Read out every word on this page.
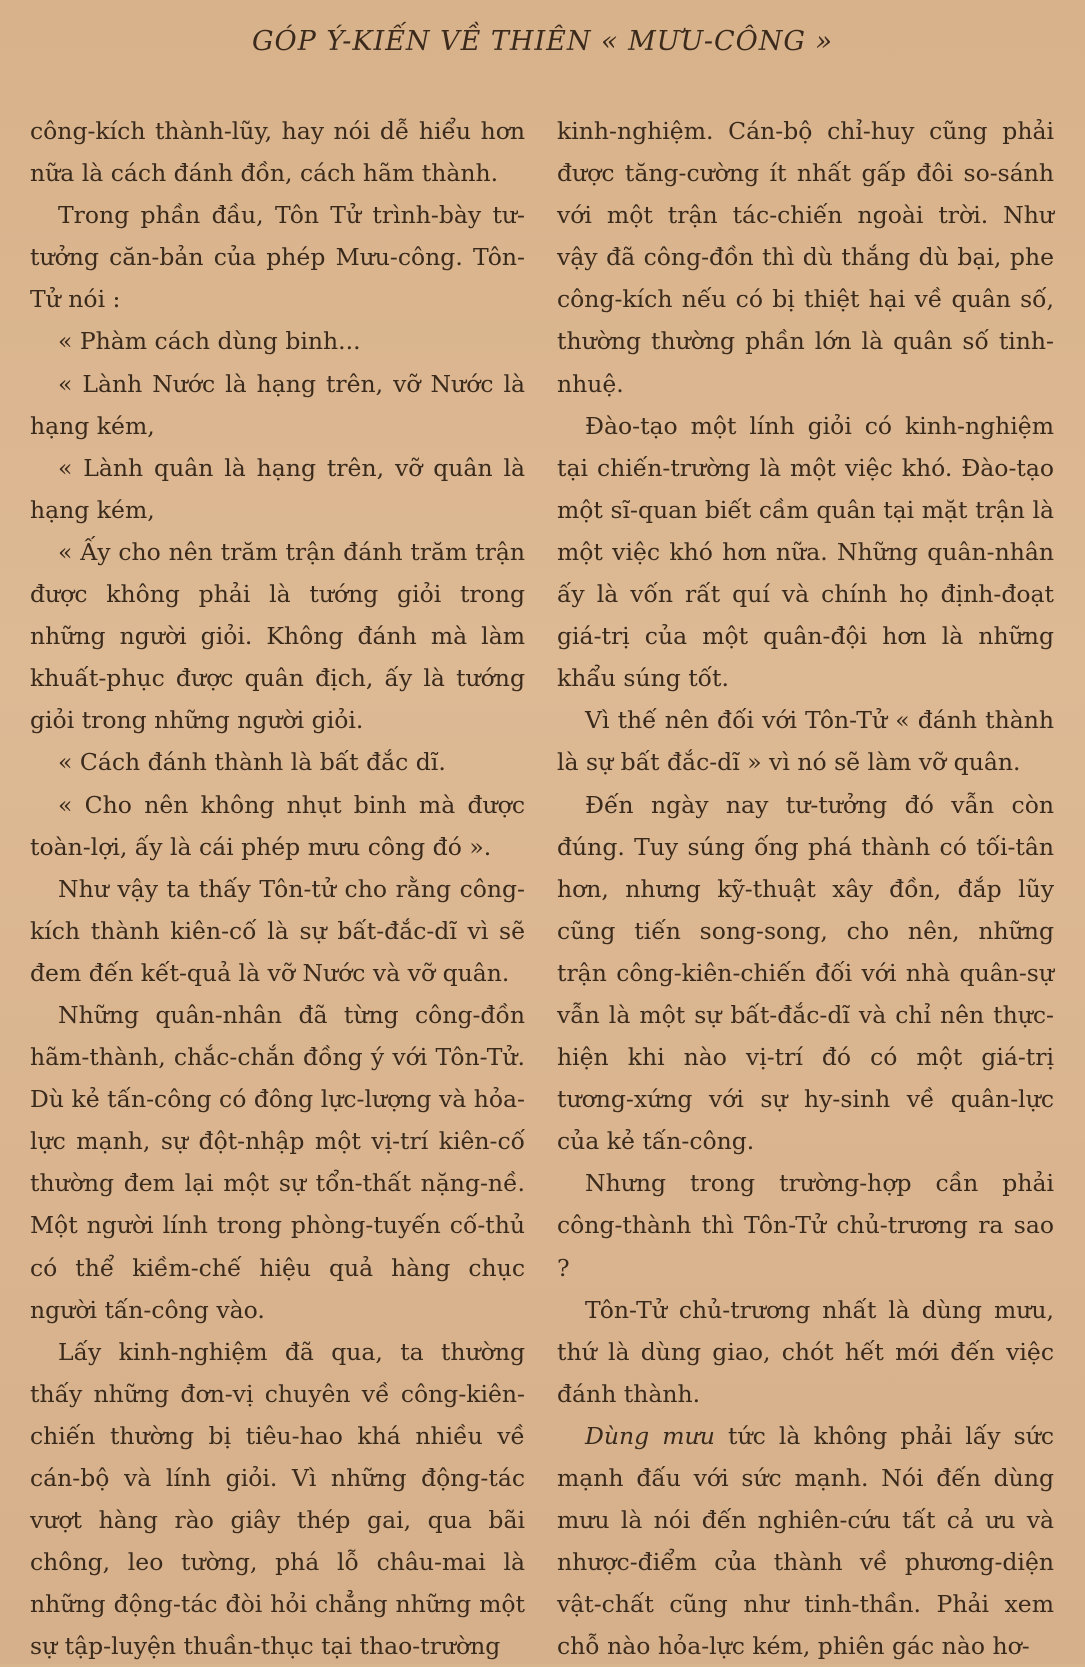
GÓP Ý-KIẾN VỀ THIÊN « MƯU-CÔNG »

công-kích thành-lũy, hay nói dễ hiểu hơn nữa là cách đánh đồn, cách hãm thành.

Trong phần đầu, Tôn Tử trình-bày tư-tưởng căn-bản của phép Mưu-công. Tôn-Tử nói :

« Phàm cách dùng binh...

« Lành Nước là hạng trên, vỡ Nước là hạng kém,

« Lành quân là hạng trên, vỡ quân là hạng kém,

« Ấy cho nên trăm trận đánh trăm trận được không phải là tướng giỏi trong những người giỏi. Không đánh mà làm khuất-phục được quân địch, ấy là tướng giỏi trong những người giỏi.

« Cách đánh thành là bất đắc dĩ.

« Cho nên không nhụt binh mà được toàn-lợi, ấy là cái phép mưu công đó ».

Như vậy ta thấy Tôn-tử cho rằng công-kích thành kiên-cố là sự bất-đắc-dĩ vì sẽ đem đến kết-quả là vỡ Nước và vỡ quân.

Những quân-nhân đã từng công-đồn hãm-thành, chắc-chắn đồng ý với Tôn-Tử. Dù kẻ tấn-công có đông lực-lượng và hỏa-lực mạnh, sự đột-nhập một vị-trí kiên-cố thường đem lại một sự tổn-thất nặng-nề. Một người lính trong phòng-tuyến cố-thủ có thể kiềm-chế hiệu quả hàng chục người tấn-công vào.

Lấy kinh-nghiệm đã qua, ta thường thấy những đơn-vị chuyên về công-kiên-chiến thường bị tiêu-hao khá nhiều về cán-bộ và lính giỏi. Vì những động-tác vượt hàng rào giây thép gai, qua bãi chông, leo tường, phá lỗ châu-mai là những động-tác đòi hỏi chẳng những một sự tập-luyện thuần-thục tại thao-trường

kinh-nghiệm. Cán-bộ chỉ-huy cũng phải được tăng-cường ít nhất gấp đôi so-sánh với một trận tác-chiến ngoài trời. Như vậy đã công-đồn thì dù thắng dù bại, phe công-kích nếu có bị thiệt hại về quân số, thường thường phần lớn là quân số tinh-nhuệ.

Đào-tạo một lính giỏi có kinh-nghiệm tại chiến-trường là một việc khó. Đào-tạo một sĩ-quan biết cầm quân tại mặt trận là một việc khó hơn nữa. Những quân-nhân ấy là vốn rất quí và chính họ định-đoạt giá-trị của một quân-đội hơn là những khẩu súng tốt.

Vì thế nên đối với Tôn-Tử « đánh thành là sự bất đắc-dĩ » vì nó sẽ làm vỡ quân.

Đến ngày nay tư-tưởng đó vẫn còn đúng. Tuy súng ống phá thành có tối-tân hơn, nhưng kỹ-thuật xây đồn, đắp lũy cũng tiến song-song, cho nên, những trận công-kiên-chiến đối với nhà quân-sự vẫn là một sự bất-đắc-dĩ và chỉ nên thực-hiện khi nào vị-trí đó có một giá-trị tương-xứng với sự hy-sinh về quân-lực của kẻ tấn-công.

Nhưng trong trường-hợp cần phải công-thành thì Tôn-Tử chủ-trương ra sao ?

Tôn-Tử chủ-trương nhất là dùng mưu, thứ là dùng giao, chót hết mới đến việc đánh thành.

Dùng mưu tức là không phải lấy sức mạnh đấu với sức mạnh. Nói đến dùng mưu là nói đến nghiên-cứu tất cả ưu và nhược-điểm của thành về phương-diện vật-chất cũng như tinh-thần. Phải xem chỗ nào hỏa-lực kém, phiên gác nào hơ-
